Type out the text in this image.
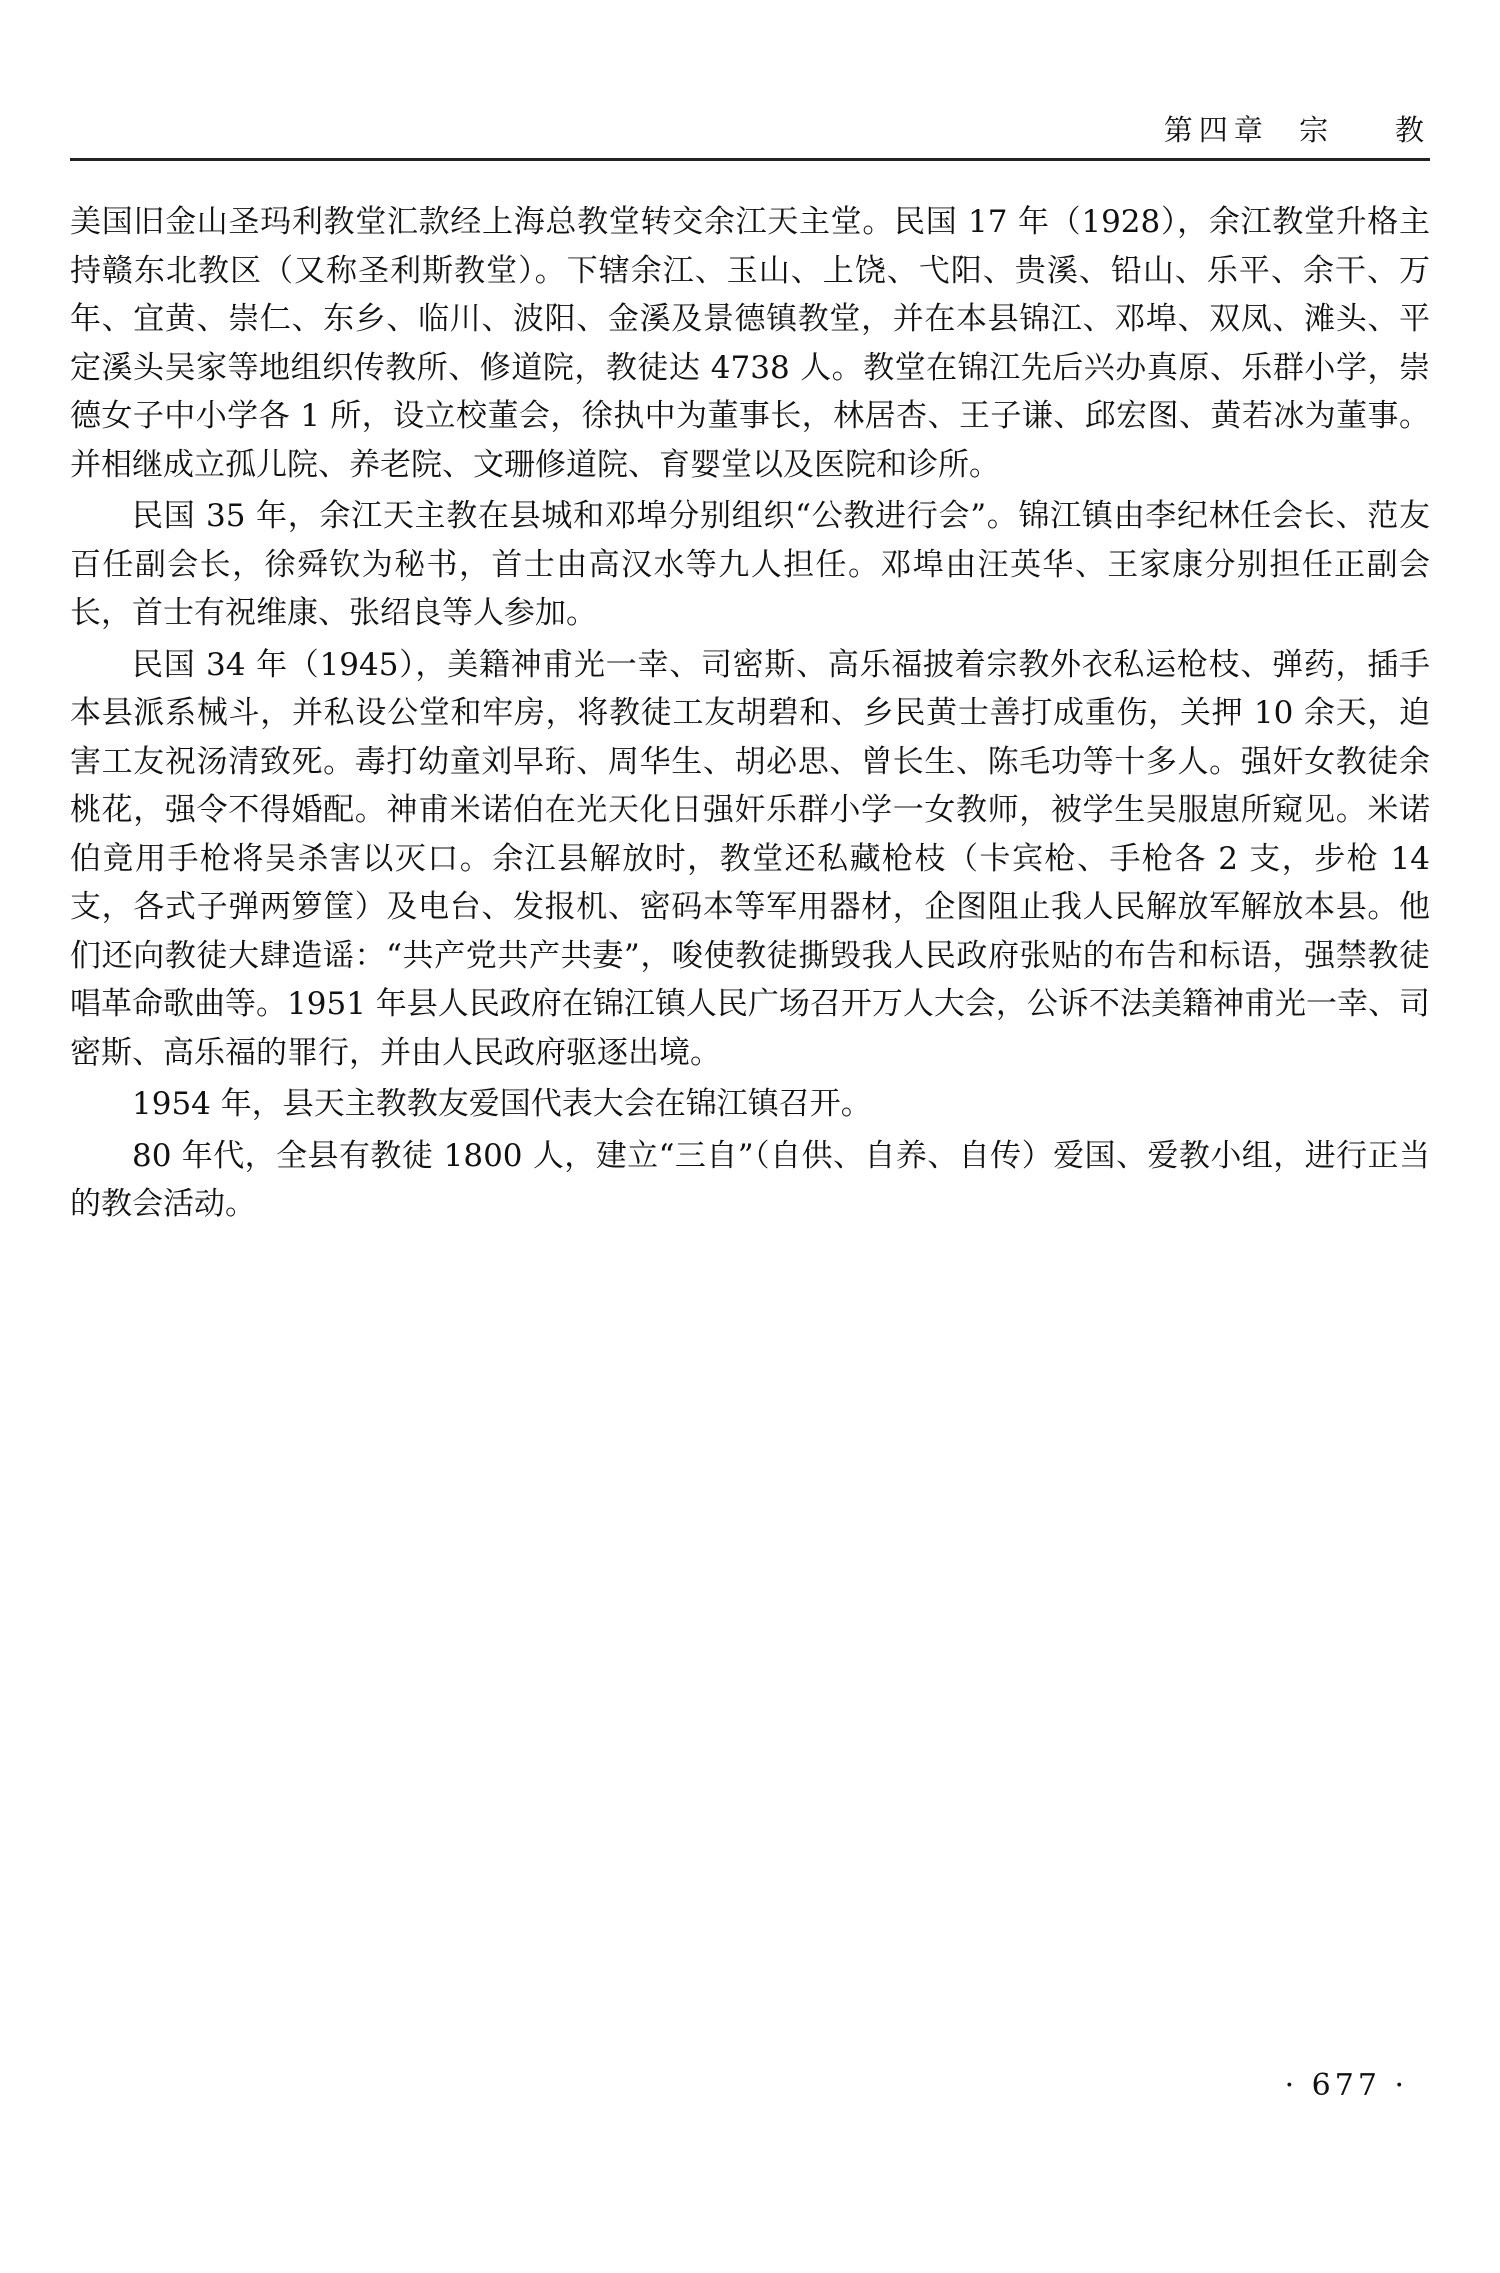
第四章  宗    教

美国旧金山圣玛利教堂汇款经上海总教堂转交余江天主堂。民国 17 年（1928），余江教堂升格主持赣东北教区（又称圣利斯教堂）。下辖余江、玉山、上饶、弋阳、贵溪、铅山、乐平、余干、万年、宜黄、崇仁、东乡、临川、波阳、金溪及景德镇教堂，并在本县锦江、邓埠、双凤、滩头、平定溪头吴家等地组织传教所、修道院，教徒达 4738 人。教堂在锦江先后兴办真原、乐群小学，崇德女子中小学各 1 所，设立校董会，徐执中为董事长，林居杏、王子谦、邱宏图、黄若冰为董事。并相继成立孤儿院、养老院、文珊修道院、育婴堂以及医院和诊所。

民国 35 年，余江天主教在县城和邓埠分别组织“公教进行会”。锦江镇由李纪林任会长、范友百任副会长，徐舜钦为秘书，首士由高汉水等九人担任。邓埠由汪英华、王家康分别担任正副会长，首士有祝维康、张绍良等人参加。

民国 34 年（1945），美籍神甫光一幸、司密斯、高乐福披着宗教外衣私运枪枝、弹药，插手本县派系械斗，并私设公堂和牢房，将教徒工友胡碧和、乡民黄士善打成重伤，关押 10 余天，迫害工友祝汤清致死。毒打幼童刘早珩、周华生、胡必思、曾长生、陈毛功等十多人。强奸女教徒余桃花，强令不得婚配。神甫米诺伯在光天化日强奸乐群小学一女教师，被学生吴服崽所窥见。米诺伯竟用手枪将吴杀害以灭口。余江县解放时，教堂还私藏枪枝（卡宾枪、手枪各 2 支，步枪 14 支，各式子弹两箩筐）及电台、发报机、密码本等军用器材，企图阻止我人民解放军解放本县。他们还向教徒大肆造谣：“共产党共产共妻”，唆使教徒撕毁我人民政府张贴的布告和标语，强禁教徒唱革命歌曲等。1951 年县人民政府在锦江镇人民广场召开万人大会，公诉不法美籍神甫光一幸、司密斯、高乐福的罪行，并由人民政府驱逐出境。

1954 年，县天主教教友爱国代表大会在锦江镇召开。

80 年代，全县有教徒 1800 人，建立“三自”（自供、自养、自传）爱国、爱教小组，进行正当的教会活动。

· 677 ·
